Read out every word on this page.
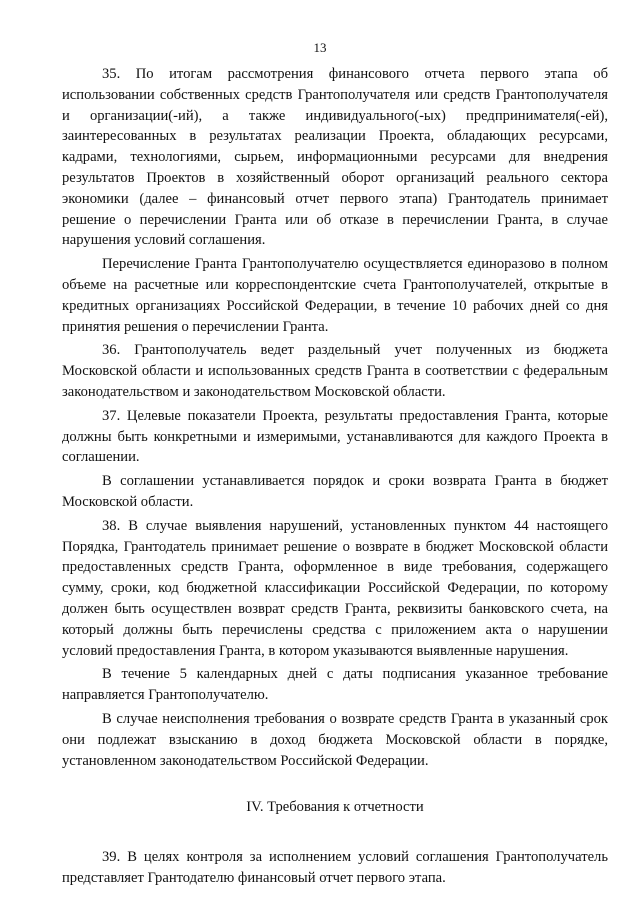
13

35. По итогам рассмотрения финансового отчета первого этапа об использовании собственных средств Грантополучателя или средств Грантополучателя и организации(-ий), а также индивидуального(-ых) предпринимателя(-ей), заинтересованных в результатах реализации Проекта, обладающих ресурсами, кадрами, технологиями, сырьем, информационными ресурсами для внедрения результатов Проектов в хозяйственный оборот организаций реального сектора экономики (далее – финансовый отчет первого этапа) Грантодатель принимает решение о перечислении Гранта или об отказе в перечислении Гранта, в случае нарушения условий соглашения.

Перечисление Гранта Грантополучателю осуществляется единоразово в полном объеме на расчетные или корреспондентские счета Грантополучателей, открытые в кредитных организациях Российской Федерации, в течение 10 рабочих дней со дня принятия решения о перечислении Гранта.

36. Грантополучатель ведет раздельный учет полученных из бюджета Московской области и использованных средств Гранта в соответствии с федеральным законодательством и законодательством Московской области.

37. Целевые показатели Проекта, результаты предоставления Гранта, которые должны быть конкретными и измеримыми, устанавливаются для каждого Проекта в соглашении.

В соглашении устанавливается порядок и сроки возврата Гранта в бюджет Московской области.

38. В случае выявления нарушений, установленных пунктом 44 настоящего Порядка, Грантодатель принимает решение о возврате в бюджет Московской области предоставленных средств Гранта, оформленное в виде требования, содержащего сумму, сроки, код бюджетной классификации Российской Федерации, по которому должен быть осуществлен возврат средств Гранта, реквизиты банковского счета, на который должны быть перечислены средства с приложением акта о нарушении условий предоставления Гранта, в котором указываются выявленные нарушения.

В течение 5 календарных дней с даты подписания указанное требование направляется Грантополучателю.

В случае неисполнения требования о возврате средств Гранта в указанный срок они подлежат взысканию в доход бюджета Московской области в порядке, установленном законодательством Российской Федерации.

IV. Требования к отчетности

39. В целях контроля за исполнением условий соглашения Грантополучатель представляет Грантодателю финансовый отчет первого этапа.
